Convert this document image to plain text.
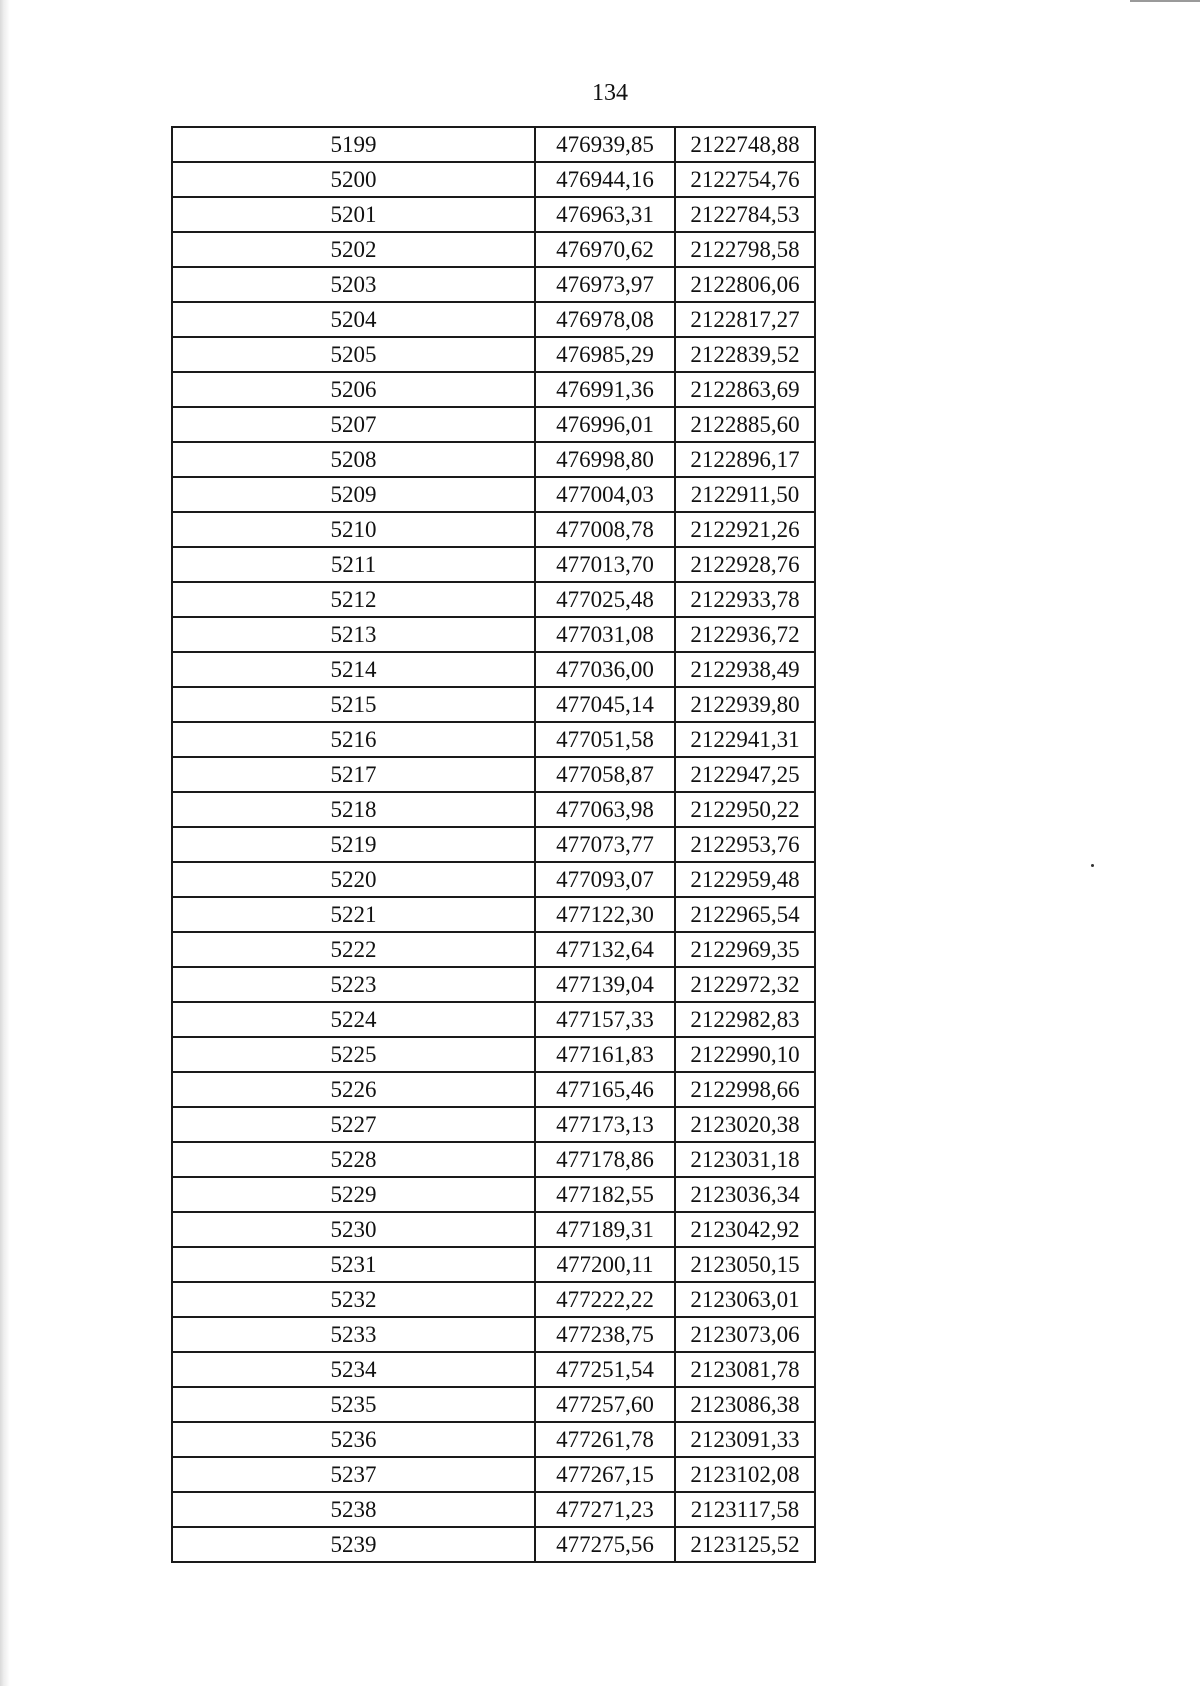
134
5199	476939,85	2122748,88
5200	476944,16	2122754,76
5201	476963,31	2122784,53
5202	476970,62	2122798,58
5203	476973,97	2122806,06
5204	476978,08	2122817,27
5205	476985,29	2122839,52
5206	476991,36	2122863,69
5207	476996,01	2122885,60
5208	476998,80	2122896,17
5209	477004,03	2122911,50
5210	477008,78	2122921,26
5211	477013,70	2122928,76
5212	477025,48	2122933,78
5213	477031,08	2122936,72
5214	477036,00	2122938,49
5215	477045,14	2122939,80
5216	477051,58	2122941,31
5217	477058,87	2122947,25
5218	477063,98	2122950,22
5219	477073,77	2122953,76
5220	477093,07	2122959,48
5221	477122,30	2122965,54
5222	477132,64	2122969,35
5223	477139,04	2122972,32
5224	477157,33	2122982,83
5225	477161,83	2122990,10
5226	477165,46	2122998,66
5227	477173,13	2123020,38
5228	477178,86	2123031,18
5229	477182,55	2123036,34
5230	477189,31	2123042,92
5231	477200,11	2123050,15
5232	477222,22	2123063,01
5233	477238,75	2123073,06
5234	477251,54	2123081,78
5235	477257,60	2123086,38
5236	477261,78	2123091,33
5237	477267,15	2123102,08
5238	477271,23	2123117,58
5239	477275,56	2123125,52
